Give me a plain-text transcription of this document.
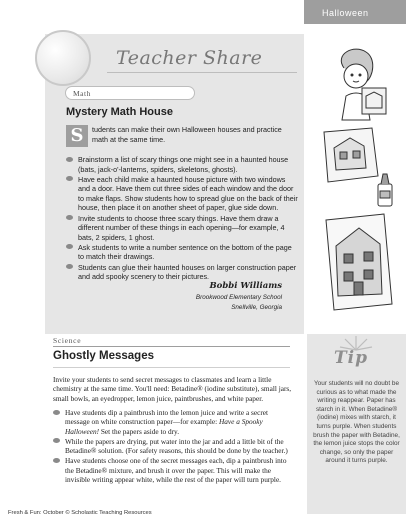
Halloween
Teacher Share
Math
Mystery Math House
S	tudents can make their own Halloween houses and practice math at the same time.
Brainstorm a list of scary things one might see in a haunted house (bats, jack-o'-lanterns, spiders, skeletons, ghosts).
Have each child make a haunted house picture with two windows and a door. Have them cut three sides of each window and the door to make flaps. Show students how to spread glue on the back of their house, then place it on another sheet of paper, glue side down.
Invite students to choose three scary things. Have them draw a different number of these things in each opening—for example, 4 bats, 2 spiders, 1 ghost.
Ask students to write a number sentence on the bottom of the page to match their drawings.
Students can glue their haunted houses on larger construction paper and add spooky scenery to their pictures.
Bobbi Williams
Brookwood Elementary School
Snellville, Georgia
Science
Ghostly Messages
Invite your students to send secret messages to classmates and learn a little chemistry at the same time. You'll need: Betadine® (iodine substitute), small jars, small bowls, an eyedropper, lemon juice, paintbrushes, and white paper.
Have students dip a paintbrush into the lemon juice and write a secret message on white construction paper—for example: Have a Spooky Halloween! Set the papers aside to dry.
While the papers are drying, put water into the jar and add a little bit of the Betadine® solution. (For safety reasons, this should be done by the teacher.)
Have students choose one of the secret messages each, dip a paintbrush into the Betadine® mixture, and brush it over the paper. This will make the invisible writing appear white, while the rest of the paper will turn purple.
Tip
Your students will no doubt be curious as to what made the writing reappear. Paper has starch in it. When Betadine® (iodine) mixes with starch, it turns purple. When students brush the paper with Betadine, the lemon juice stops the color change, so only the paper around it turns purple.
Fresh & Fun: October © Scholastic Teaching Resources
